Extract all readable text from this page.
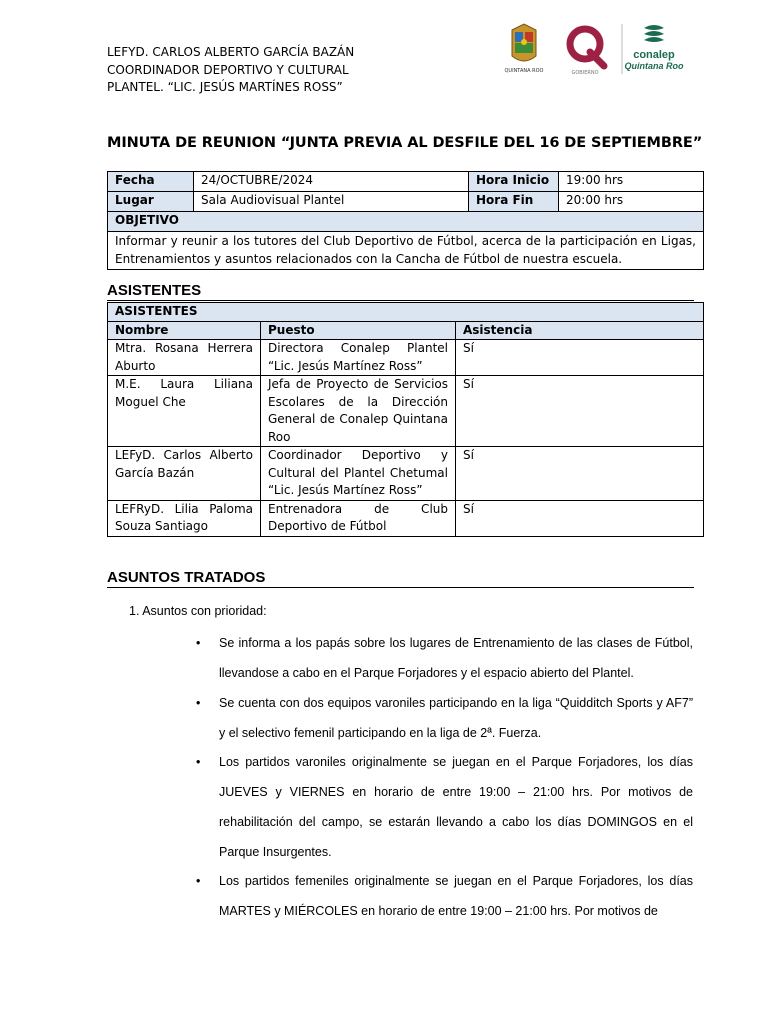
LEFYD. CARLOS ALBERTO GARCÍA BAZÁN
COORDINADOR DEPORTIVO Y CULTURAL
PLANTEL. “LIC. JESÚS MARTÍNES ROSS”
QUINTANA ROO	GOBIERNO
conalep
Quintana Roo
MINUTA DE REUNION “JUNTA PREVIA AL DESFILE DEL 16 DE SEPTIEMBRE”
Fecha	24/OCTUBRE/2024	Hora Inicio	19:00 hrs
Lugar	Sala Audiovisual Plantel	Hora Fin	20:00 hrs
OBJETIVO			
Informar y reunir a los tutores del Club Deportivo de Fútbol, acerca de la participación en Ligas, Entrenamientos y asuntos relacionados con la Cancha de Fútbol de nuestra escuela.			
ASISTENTES
ASISTENTES		
Nombre	Puesto	Asistencia
Mtra. Rosana Herrera Aburto	Directora Conalep Plantel “Lic. Jesús Martínez Ross”	Sí
M.E. Laura Liliana Moguel Che	Jefa de Proyecto de Servicios Escolares de la Dirección General de Conalep Quintana Roo	Sí
LEFyD. Carlos Alberto García Bazán	Coordinador Deportivo y Cultural del Plantel Chetumal “Lic. Jesús Martínez Ross”	Sí
LEFRyD. Lilia Paloma Souza Santiago	Entrenadora de Club Deportivo de Fútbol	Sí
ASUNTOS TRATADOS
1. Asuntos con prioridad:
• Se informa a los papás sobre los lugares de Entrenamiento de las clases de Fútbol, llevandose a cabo en el Parque Forjadores y el espacio abierto del Plantel.
• Se cuenta con dos equipos varoniles participando en la liga “Quidditch Sports y AF7” y el selectivo femenil participando en la liga de 2ª. Fuerza.
• Los partidos varoniles originalmente se juegan en el Parque Forjadores, los días JUEVES y VIERNES en horario de entre 19:00 – 21:00 hrs. Por motivos de rehabilitación del campo, se estarán llevando a cabo los días DOMINGOS en el Parque Insurgentes.
• Los partidos femeniles originalmente se juegan en el Parque Forjadores, los días MARTES y MIÉRCOLES en horario de entre 19:00 – 21:00 hrs. Por motivos de
